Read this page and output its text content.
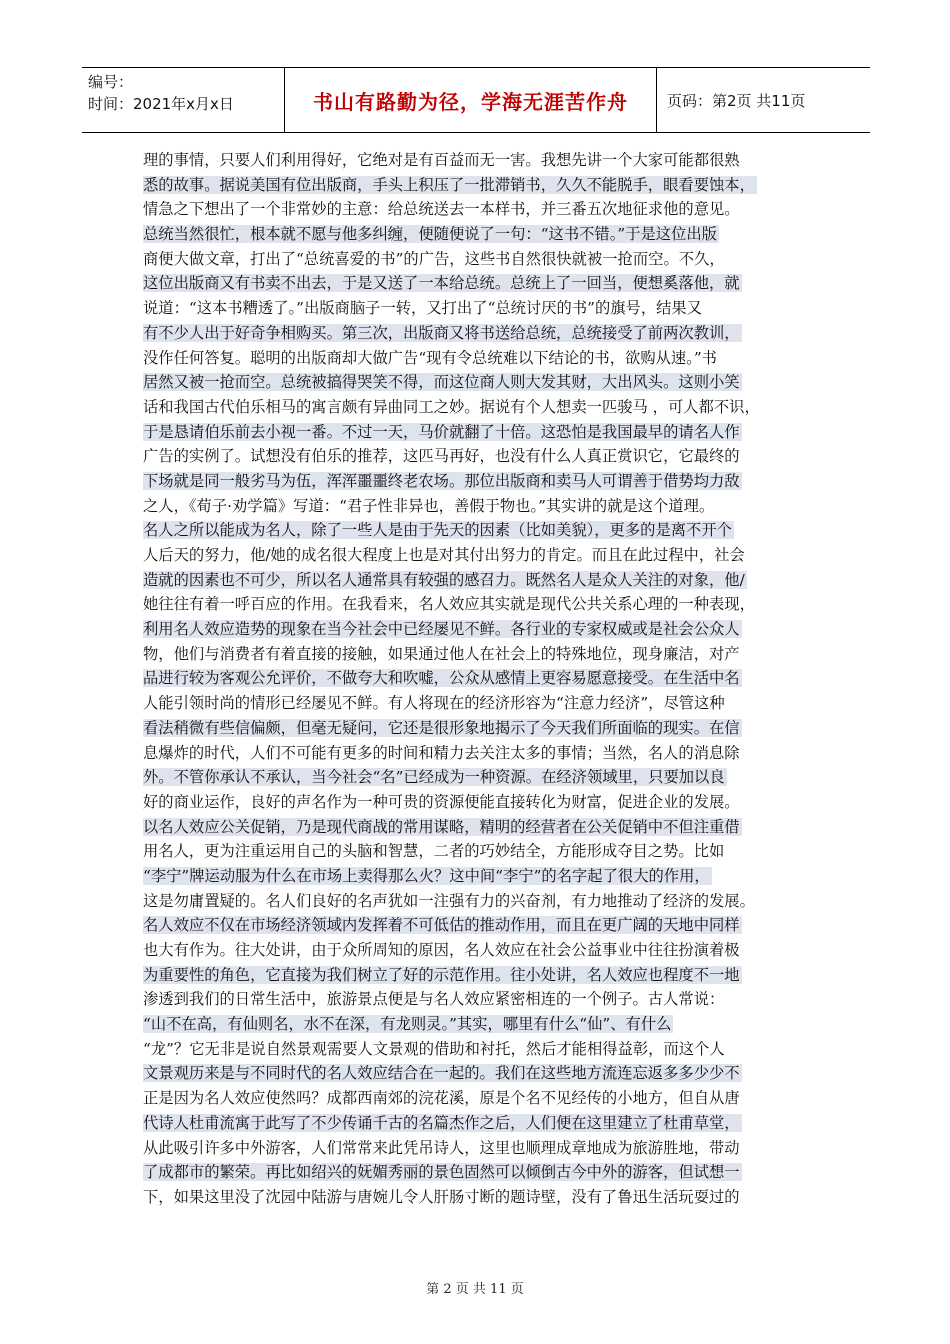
编号：
时间：2021年x月x日	书山有路勤为径，学海无涯苦作舟	页码：第2页 共11页
理的事情，只要人们利用得好，它绝对是有百益而无一害。我想先讲一个大家可能都很熟
悉的故事。据说美国有位出版商，手头上积压了一批滞销书，久久不能脱手，眼看要蚀本，
情急之下想出了一个非常妙的主意：给总统送去一本样书，并三番五次地征求他的意见。
总统当然很忙，根本就不愿与他多纠缠，便随便说了一句：“这书不错。”于是这位出版
商便大做文章，打出了“总统喜爱的书”的广告，这些书自然很快就被一抢而空。不久，
这位出版商又有书卖不出去，于是又送了一本给总统。总统上了一回当，便想奚落他，就
说道：“这本书糟透了。”出版商脑子一转，又打出了“总统讨厌的书”的旗号，结果又
有不少人出于好奇争相购买。第三次，出版商又将书送给总统，总统接受了前两次教训，
没作任何答复。聪明的出版商却大做广告“现有令总统难以下结论的书，欲购从速。”书
居然又被一抢而空。总统被搞得哭笑不得，而这位商人则大发其财，大出风头。这则小笑
话和我国古代伯乐相马的寓言颇有异曲同工之妙。据说有个人想卖一匹骏马 ，可人都不识，
于是恳请伯乐前去小视一番。不过一天，马价就翻了十倍。这恐怕是我国最早的请名人作
广告的实例了。试想没有伯乐的推荐，这匹马再好，也没有什么人真正赏识它，它最终的
下场就是同一般劣马为伍，浑浑噩噩终老农场。那位出版商和卖马人可谓善于借势均力敌
之人，《荀子·劝学篇》写道：“君子性非异也，善假于物也。”其实讲的就是这个道理。
名人之所以能成为名人，除了一些人是由于先天的因素（比如美貌），更多的是离不开个
人后天的努力，他/她的成名很大程度上也是对其付出努力的肯定。而且在此过程中，社会
造就的因素也不可少，所以名人通常具有较强的感召力。既然名人是众人关注的对象，他/
她往往有着一呼百应的作用。在我看来，名人效应其实就是现代公共关系心理的一种表现，
利用名人效应造势的现象在当今社会中已经屡见不鲜。各行业的专家权威或是社会公众人
物，他们与消费者有着直接的接触，如果通过他人在社会上的特殊地位，现身廉洁，对产
品进行较为客观公允评价，不做夸大和吹嘘，公众从感情上更容易愿意接受。在生活中名
人能引领时尚的情形已经屡见不鲜。有人将现在的经济形容为“注意力经济”，尽管这种
看法稍微有些信偏颇，但毫无疑问，它还是很形象地揭示了今天我们所面临的现实。在信
息爆炸的时代，人们不可能有更多的时间和精力去关注太多的事情；当然，名人的消息除
外。不管你承认不承认，当今社会“名”已经成为一种资源。在经济领域里，只要加以良
好的商业运作，良好的声名作为一种可贵的资源便能直接转化为财富，促进企业的发展。
以名人效应公关促销，乃是现代商战的常用谋略，精明的经营者在公关促销中不但注重借
用名人，更为注重运用自己的头脑和智慧，二者的巧妙结全，方能形成夺目之势。比如
“李宁”牌运动服为什么在市场上卖得那么火？这中间“李宁”的名字起了很大的作用，
这是勿庸置疑的。名人们良好的名声犹如一注强有力的兴奋剂，有力地推动了经济的发展。
名人效应不仅在市场经济领域内发挥着不可低估的推动作用，而且在更广阔的天地中同样
也大有作为。往大处讲，由于众所周知的原因，名人效应在社会公益事业中往往扮演着极
为重要性的角色，它直接为我们树立了好的示范作用。往小处讲，名人效应也程度不一地
渗透到我们的日常生活中，旅游景点便是与名人效应紧密相连的一个例子。古人常说：
“山不在高，有仙则名，水不在深，有龙则灵。”其实，哪里有什么“仙”、有什么
“龙”？它无非是说自然景观需要人文景观的借助和衬托，然后才能相得益彰，而这个人
文景观历来是与不同时代的名人效应结合在一起的。我们在这些地方流连忘返多多少少不
正是因为名人效应使然吗？成都西南郊的浣花溪，原是个名不见经传的小地方，但自从唐
代诗人杜甫流寓于此写了不少传诵千古的名篇杰作之后，人们便在这里建立了杜甫草堂，
从此吸引许多中外游客，人们常常来此凭吊诗人，这里也顺理成章地成为旅游胜地，带动
了成都市的繁荣。再比如绍兴的妩媚秀丽的景色固然可以倾倒古今中外的游客，但试想一
下，如果这里没了沈园中陆游与唐婉儿令人肝肠寸断的题诗壁，没有了鲁迅生活玩耍过的
第 2 页 共 11 页
